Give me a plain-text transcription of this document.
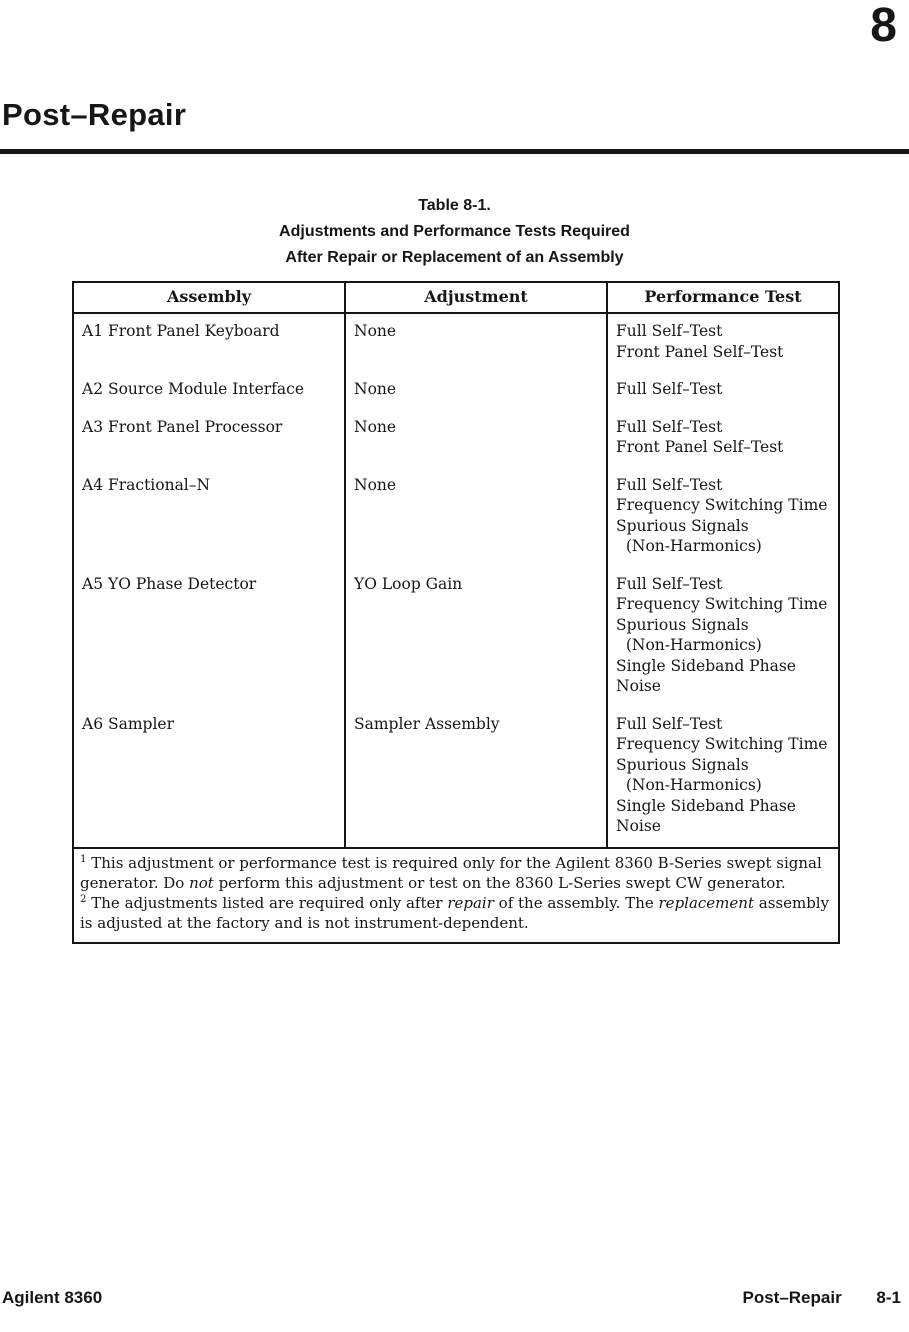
8
Post–Repair
Table 8-1.
Adjustments and Performance Tests Required
After Repair or Replacement of an Assembly
Assembly	Adjustment	Performance Test
A1 Front Panel Keyboard	None	Full Self–Test
Front Panel Self–Test

A2 Source Module Interface	None	Full Self–Test

A3 Front Panel Processor	None	Full Self–Test
Front Panel Self–Test

A4 Fractional–N	None	Full Self–Test
Frequency Switching Time
Spurious Signals
(Non-Harmonics)

A5 YO Phase Detector	YO Loop Gain	Full Self–Test
Frequency Switching Time
Spurious Signals
(Non-Harmonics)
Single Sideband Phase Noise

A6 Sampler	Sampler Assembly	Full Self–Test
Frequency Switching Time
Spurious Signals
(Non-Harmonics)
Single Sideband Phase Noise

$^1$ This adjustment or performance test is required only for the Agilent 8360 B-Series swept signal generator. Do not perform this adjustment or test on the 8360 L-Series swept CW generator.
$^2$ The adjustments listed are required only after repair of the assembly. The replacement assembly is adjusted at the factory and is not instrument-dependent.		
Agilent 8360	Post–Repair 8-1
